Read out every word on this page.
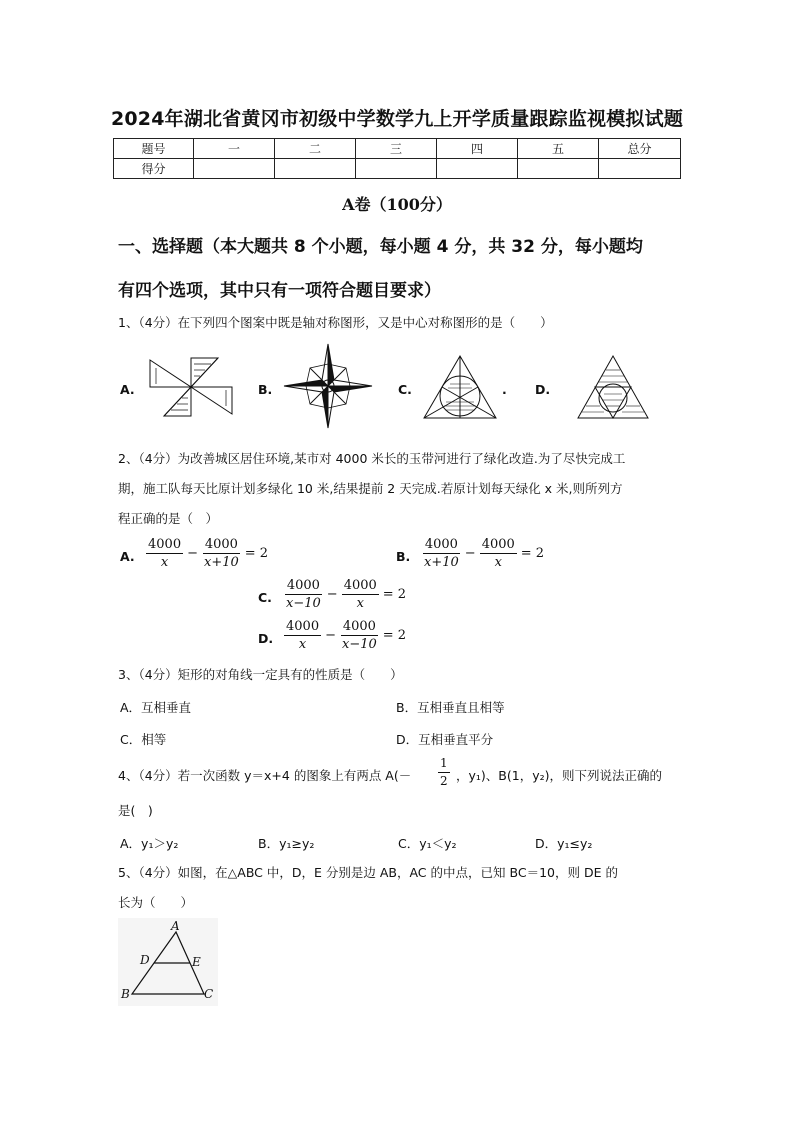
2024年湖北省黄冈市初级中学数学九上开学质量跟踪监视模拟试题
题号	一	二	三	四	五	总分
得分						
A卷（100分）
一、选择题（本大题共 8 个小题，每小题 4 分，共 32 分，每小题均
有四个选项，其中只有一项符合题目要求）
1、（4分）在下列四个图案中既是轴对称图形，又是中心对称图形的是（　　）
A.	B.	C.	. D.
2、（4分）为改善城区居住环境,某市对 4000 米长的玉带河进行了绿化改造.为了尽快完成工
期，施工队每天比原计划多绿化 10 米,结果提前 2 天完成.若原计划每天绿化 x 米,则所列方
程正确的是（　）
A. $\frac{4000}{x} - \frac{4000}{x+10} = 2$	B. $\frac{4000}{x+10} - \frac{4000}{x} = 2$
C. $\frac{4000}{x-10} - \frac{4000}{x} = 2$
D. $\frac{4000}{x} - \frac{4000}{x-10} = 2$
3、（4分）矩形的对角线一定具有的性质是（　　）
A．互相垂直	B．互相垂直且相等
C．相等	D．互相垂直平分
4、（4分）若一次函数 y＝x+4 的图象上有两点 $A(- \frac{1}{2}$ ，y₁)、B(1，y₂)，则下列说法正确的
是(　)
A．y₁＞y₂	B．y₁≥y₂	C．y₁＜y₂	D．y₁≤y₂
5、（4分）如图，在△ABC 中，D，E 分别是边 AB，AC 的中点，已知 BC＝10，则 DE 的
长为（　　）
A
B	C
D	E
